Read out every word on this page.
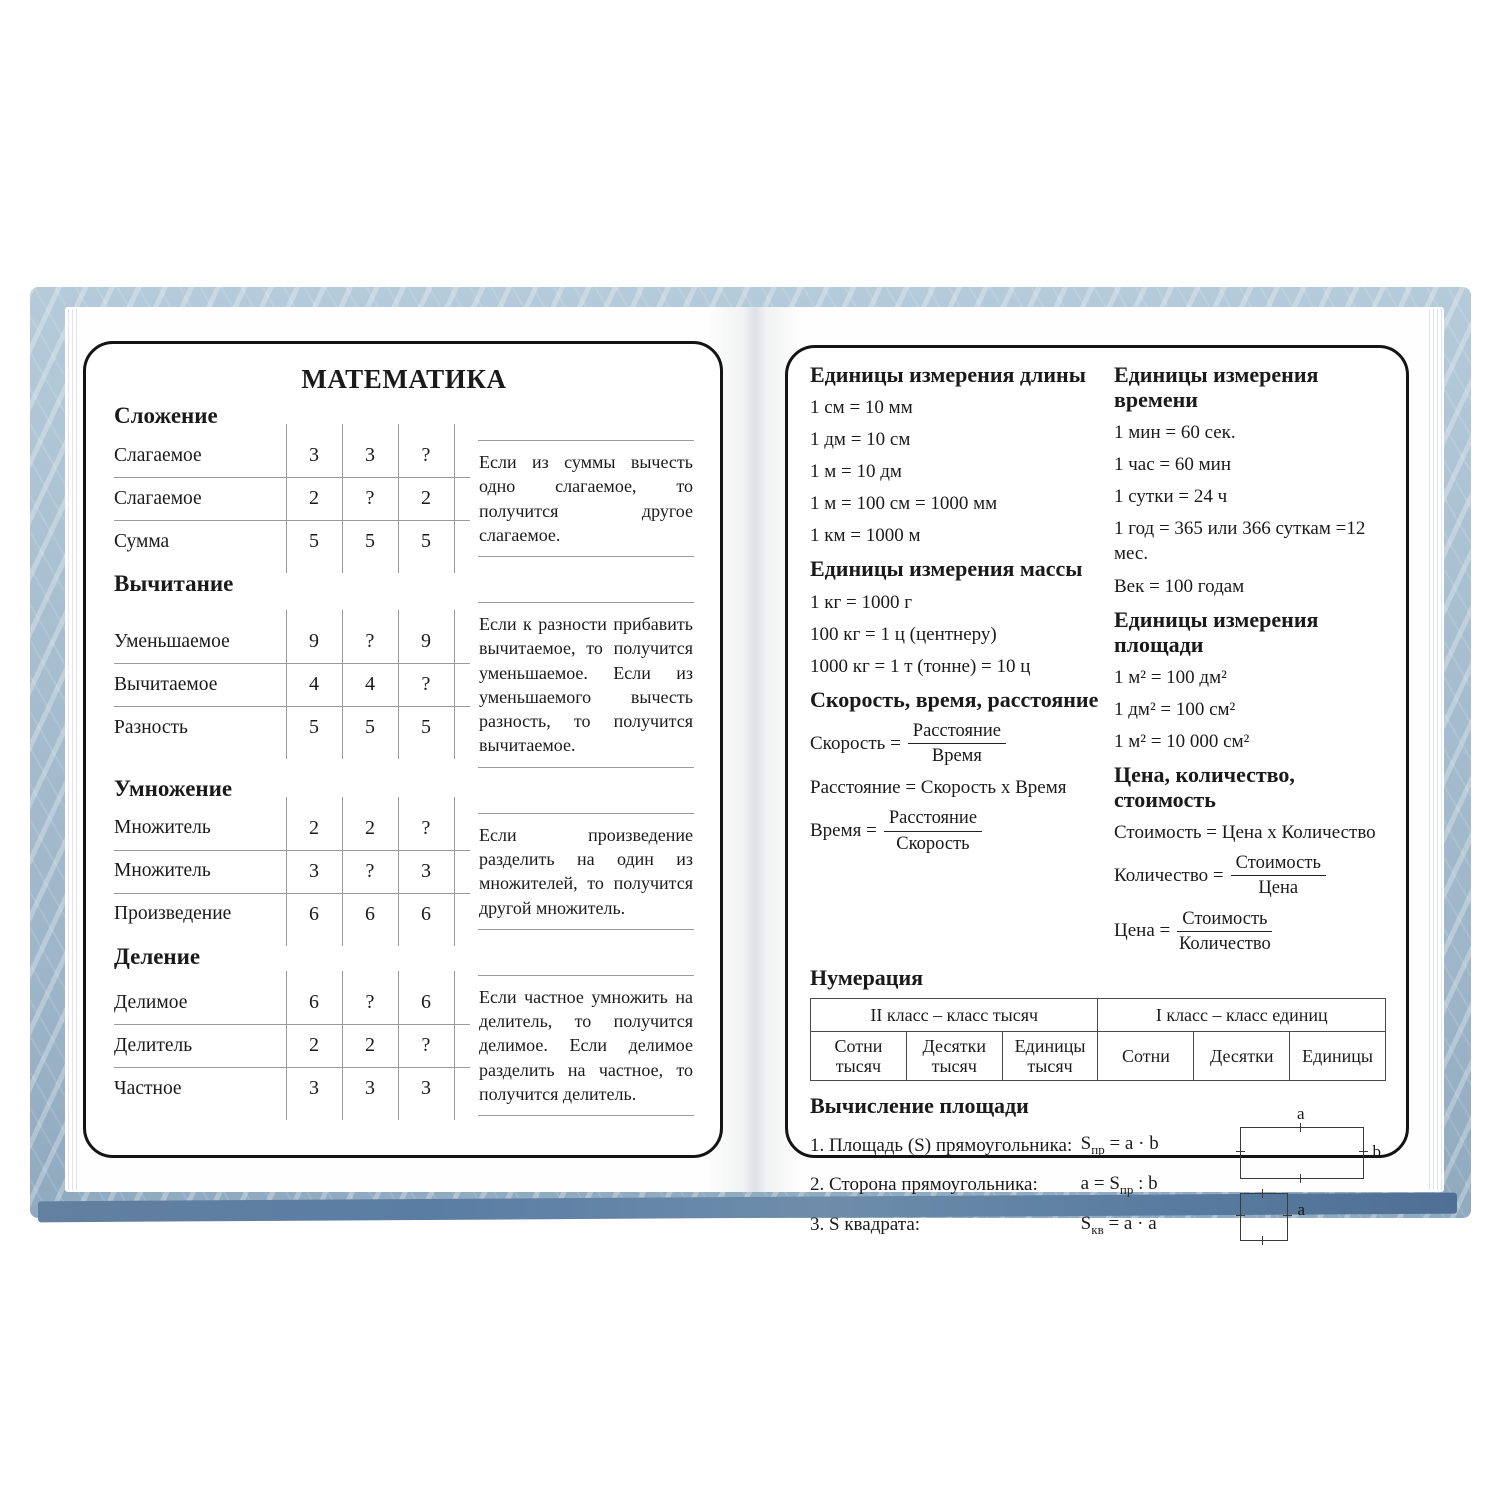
МАТЕМАТИКА
Сложение
Слагаемое	3	3	?
Слагаемое	2	?	2
Сумма	5	5	5
Если из суммы вычесть одно слагаемое, то получится другое слагаемое.
Вычитание
Уменьшаемое	9	?	9
Вычитаемое	4	4	?
Разность	5	5	5
Если к разности прибавить вычитаемое, то получится уменьшаемое. Если из уменьшаемого вычесть разность, то получится вычитаемое.
Умножение
Множитель	2	2	?
Множитель	3	?	3
Произведение	6	6	6
Если произведение разделить на один из множителей, то получится другой множитель.
Деление
Делимое	6	?	6
Делитель	2	2	?
Частное	3	3	3
Если частное умножить на делитель, то получится делимое. Если делимое разделить на частное, то получится делитель.
Единицы измерения длины

1 см = 10 мм

1 дм = 10 см

1 м = 10 дм

1 м = 100 см = 1000 мм

1 км = 1000 м

Единицы измерения массы

1 кг = 1000 г

100 кг = 1 ц (центнеру)

1000 кг = 1 т (тонне) = 10 ц

Скорость, время, расстояние
Скорость = $\frac{\text{Расстояние}}{\text{Время}}$

Расстояние = Скорость x Время

Время = $\frac{\text{Расстояние}}{\text{Скорость}}$
Единицы измерения времени

1 мин = 60 сек.

1 час = 60 мин

1 сутки = 24 ч

1 год = 365 или 366 суткам =12 мес.

Век = 100 годам

Единицы измерения площади

1 м² = 100 дм²

1 дм² = 100 см²

1 м² = 10 000 см²

Цена, количество, стоимость

Стоимость = Цена x Количество

Количество = $\frac{\text{Стоимость}}{\text{Цена}}$
Цена = $\frac{\text{Стоимость}}{\text{Количество}}$
Нумерация
II класс – класс тысяч			I класс – класс единиц		
Сотни тысяч	Десятки тысяч	Единицы тысяч	Сотни	Десятки	Единицы
Вычисление площади
1. Площадь (S) прямоугольника: $S_{пр} = a \cdot b$
2. Сторона прямоугольника:	$a = S_{пр}$ : b
3. S квадрата:	$S_{кв} = a \cdot a$
a
b
a
